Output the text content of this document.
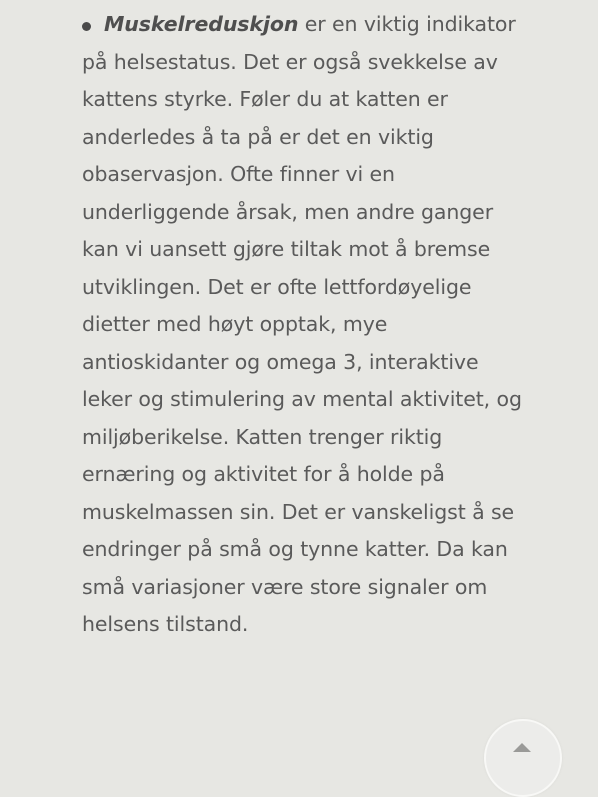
Muskelreduskjon er en viktig indikator på helsestatus. Det er også svekkelse av kattens styrke. Føler du at katten er anderledes å ta på er det en viktig obaservasjon. Ofte finner vi en underliggende årsak, men andre ganger kan vi uansett gjøre tiltak mot å bremse utviklingen. Det er ofte lettfordøyelige dietter med høyt opptak, mye antioskidanter og omega 3, interaktive leker og stimulering av mental aktivitet, og miljøberikelse. Katten trenger riktig ernæring og aktivitet for å holde på muskelmassen sin. Det er vanskeligst å se endringer på små og tynne katter. Da kan små variasjoner være store signaler om helsens tilstand.
